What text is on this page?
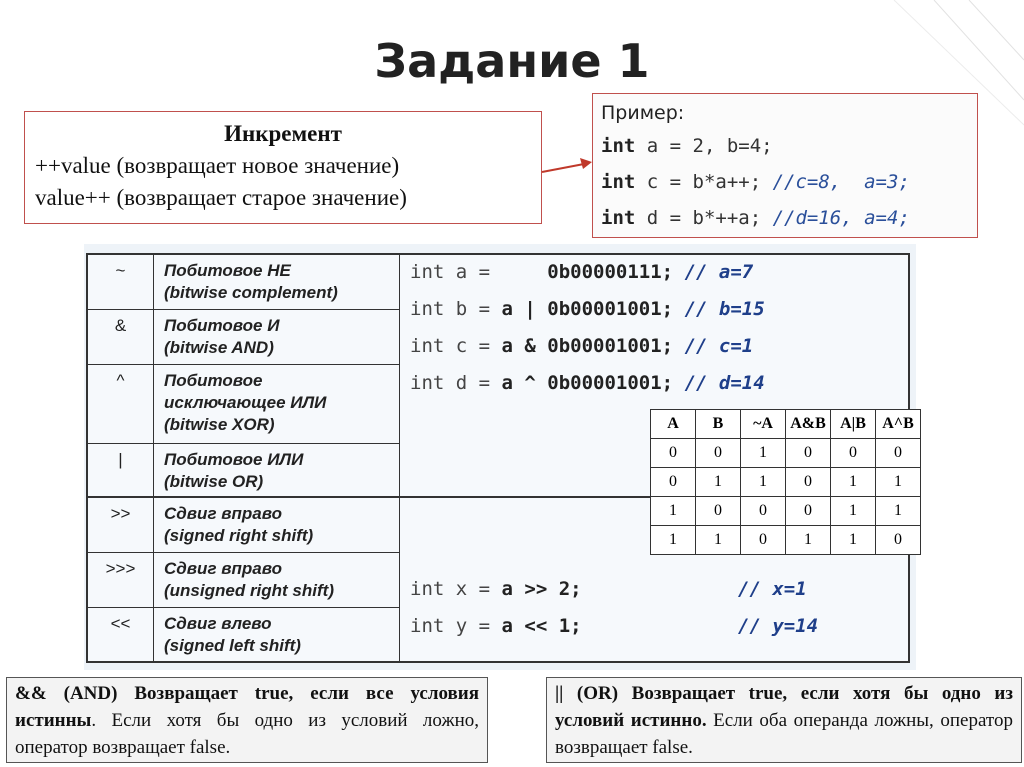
Задание 1
Инкремент
++value (возвращает новое значение)
value++ (возвращает старое значение)
Пример:
int a = 2, b=4;
int c = b*a++; //c=8,  a=3;
int d = b*++a; //d=16, a=4;
~	Побитовое НЕ
(bitwise complement)
&	Побитовое И
(bitwise AND)
^	Побитовое
исключающее ИЛИ
(bitwise XOR)
|	Побитовое ИЛИ
(bitwise OR)
>>	Сдвиг вправо
(signed right shift)
>>>	Сдвиг вправо
(unsigned right shift)
<<	Сдвиг влево
(signed left shift)
int a =     0b00000111; // a=7
int b = a | 0b00001001; // b=15
int c = a & 0b00001001; // c=1
int d = a ^ 0b00001001; // d=14
int x = a >> 2;	// x=1
int y = a << 1;	// y=14
A	B	~A	A&B	A|B	A^B
0	0	1	0	0	0
0	1	1	0	1	1
1	0	0	0	1	1
1	1	0	1	1	0
&& (AND) Возвращает true, если все условия истинны. Если хотя бы одно из условий ложно, оператор возвращает false.
|| (OR) Возвращает true, если хотя бы одно из условий истинно. Если оба операнда ложны, оператор возвращает false.
